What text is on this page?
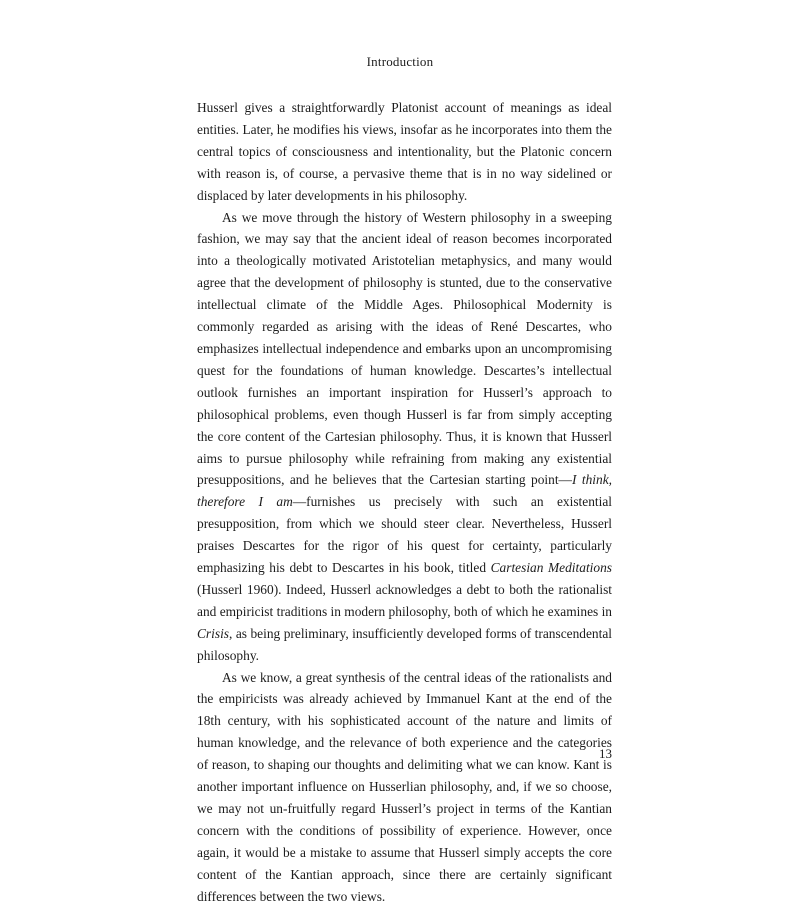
Introduction

Husserl gives a straightforwardly Platonist account of meanings as ideal entities. Later, he modifies his views, insofar as he incorporates into them the central topics of consciousness and intentionality, but the Platonic concern with reason is, of course, a pervasive theme that is in no way sidelined or displaced by later developments in his philosophy.

As we move through the history of Western philosophy in a sweeping fashion, we may say that the ancient ideal of reason becomes incorporated into a theologically motivated Aristotelian metaphysics, and many would agree that the development of philosophy is stunted, due to the conservative intellectual climate of the Middle Ages. Philosophical Modernity is commonly regarded as arising with the ideas of René Descartes, who emphasizes intellectual independence and embarks upon an uncompromising quest for the foundations of human knowledge. Descartes’s intellectual outlook furnishes an important inspiration for Husserl’s approach to philosophical problems, even though Husserl is far from simply accepting the core content of the Cartesian philosophy. Thus, it is known that Husserl aims to pursue philosophy while refraining from making any existential presuppositions, and he believes that the Cartesian starting point—I think, therefore I am—furnishes us precisely with such an existential presupposition, from which we should steer clear. Nevertheless, Husserl praises Descartes for the rigor of his quest for certainty, particularly emphasizing his debt to Descartes in his book, titled Cartesian Meditations (Husserl 1960). Indeed, Husserl acknowledges a debt to both the rationalist and empiricist traditions in modern philosophy, both of which he examines in Crisis, as being preliminary, insufficiently developed forms of transcendental philosophy.

As we know, a great synthesis of the central ideas of the rationalists and the empiricists was already achieved by Immanuel Kant at the end of the 18th century, with his sophisticated account of the nature and limits of human knowledge, and the relevance of both experience and the categories of reason, to shaping our thoughts and delimiting what we can know. Kant is another important influence on Husserlian philosophy, and, if we so choose, we may not un-fruitfully regard Husserl’s project in terms of the Kantian concern with the conditions of possibility of experience. However, once again, it would be a mistake to assume that Husserl simply accepts the core content of the Kantian approach, since there are certainly significant differences between the two views.

13
